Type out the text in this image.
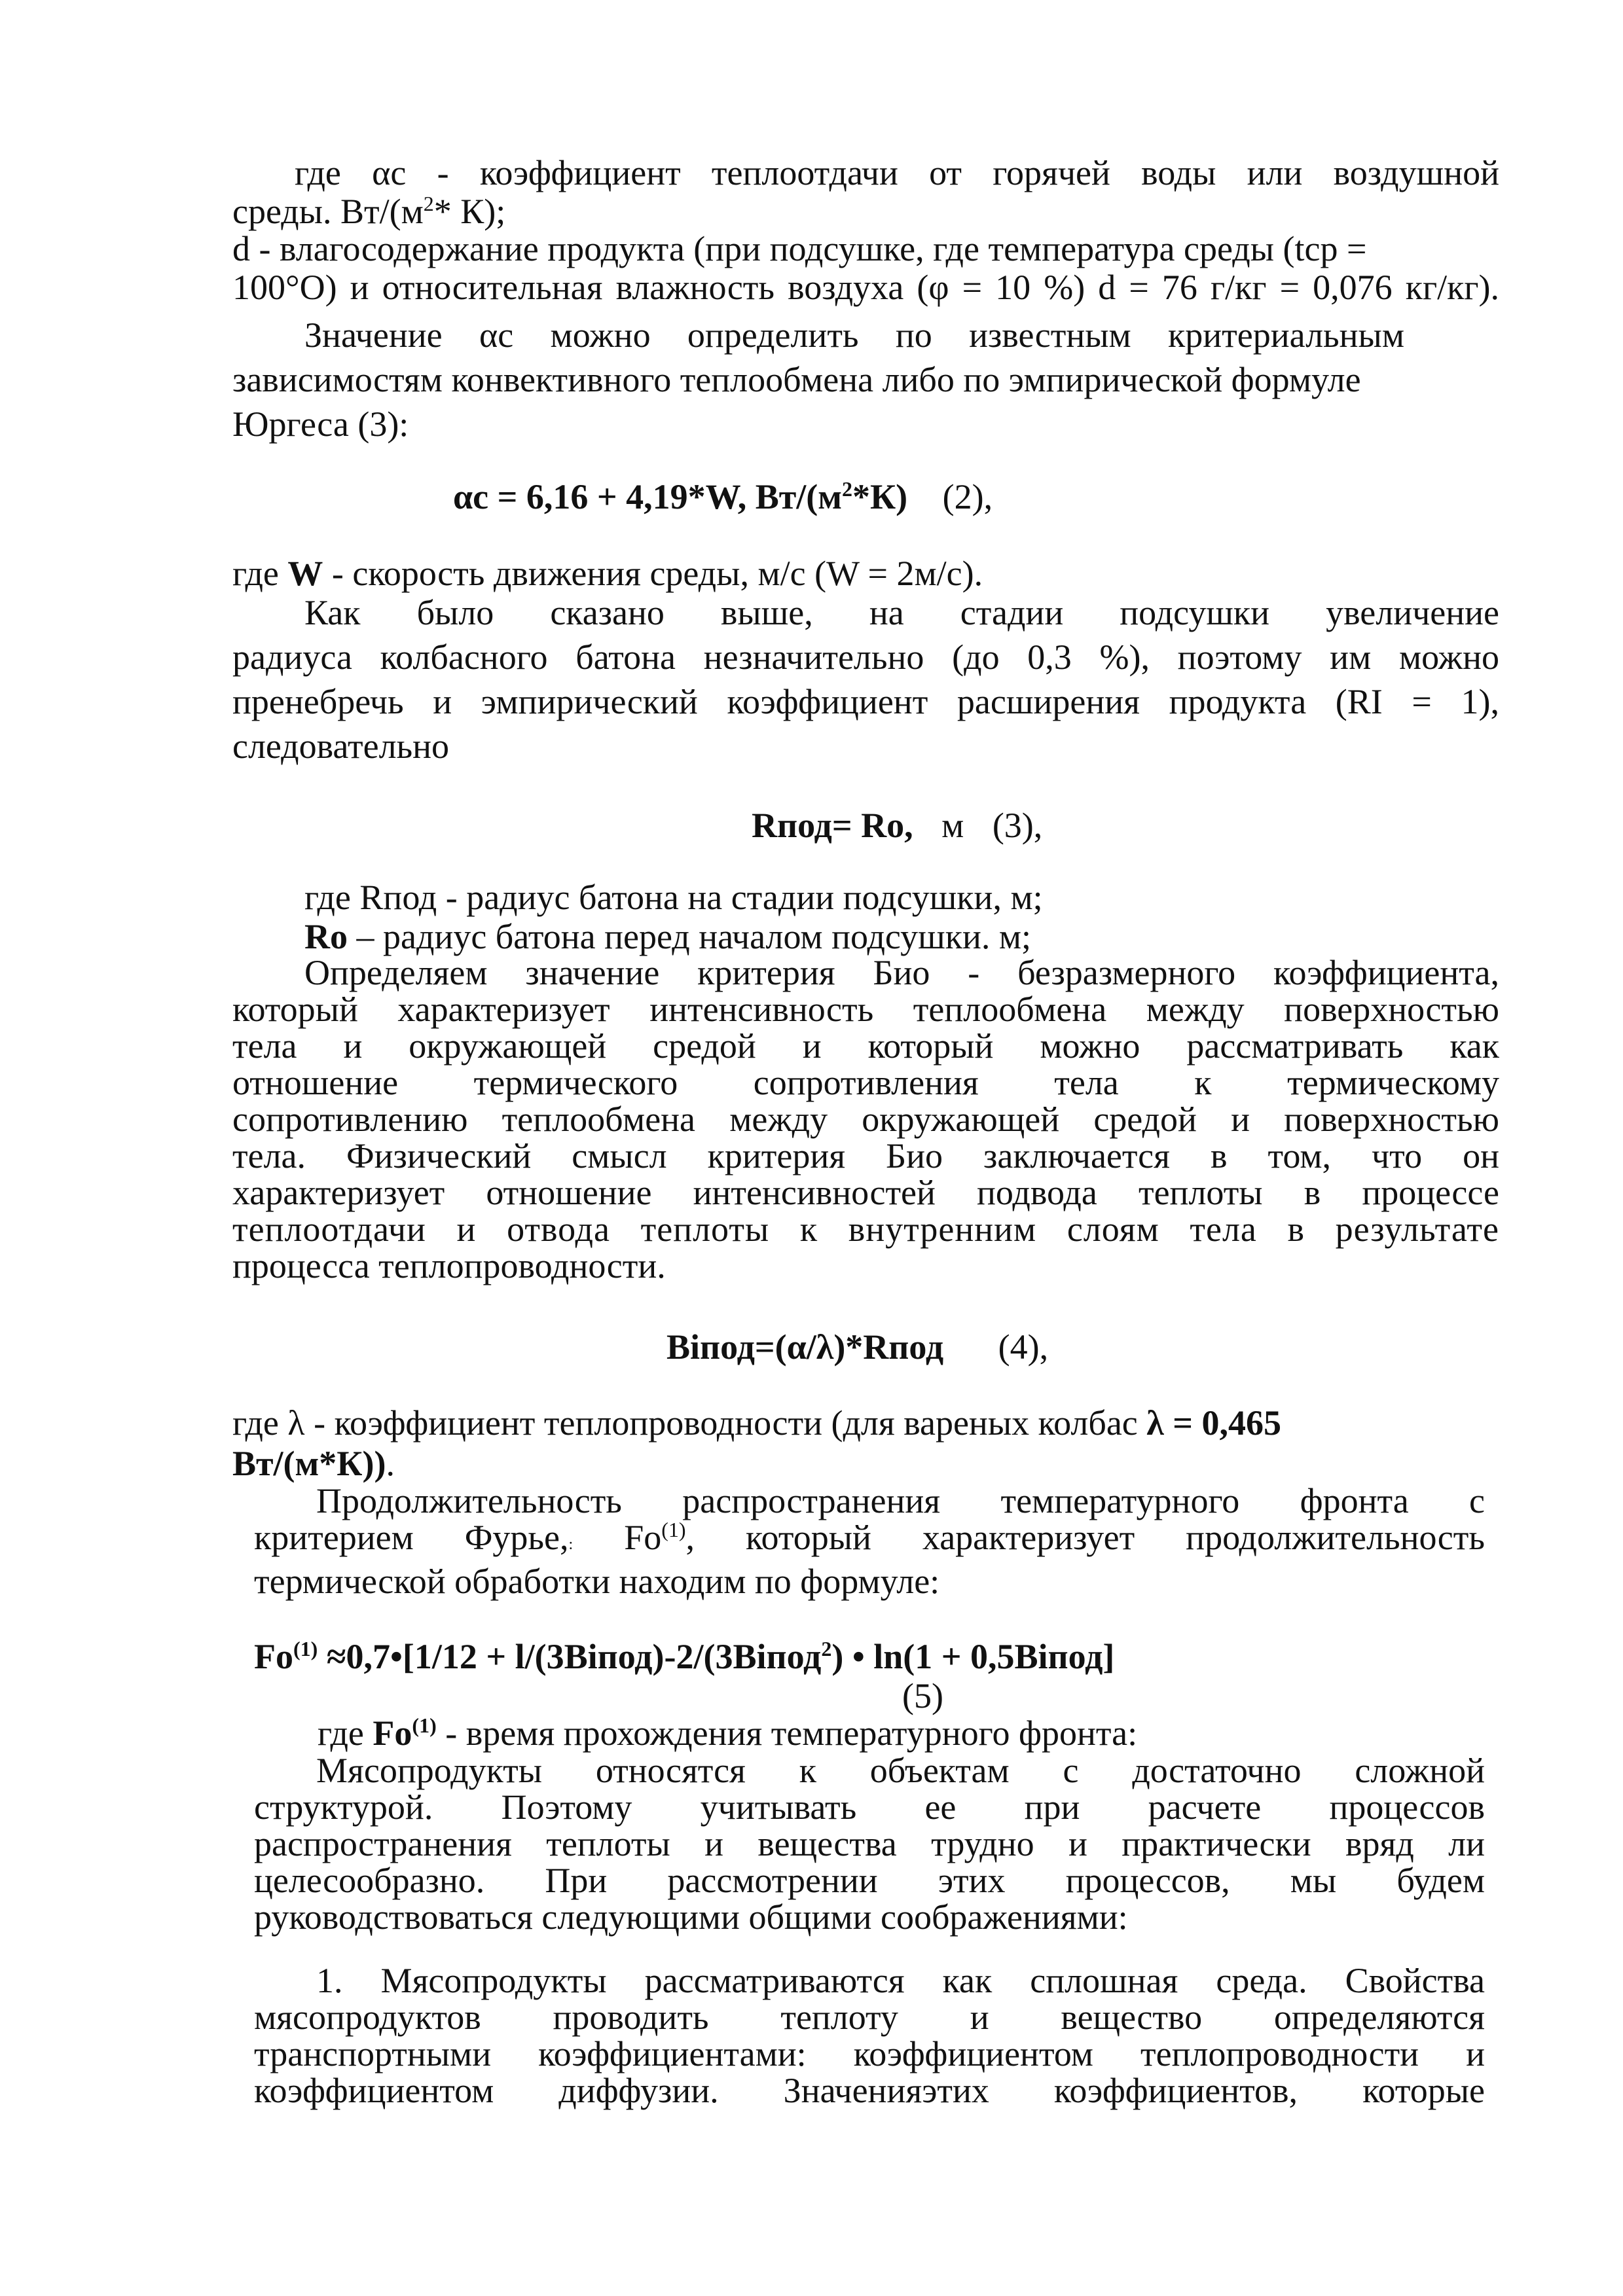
где αс - коэффициент теплоотдачи от горячей воды или воздушной
среды. $Вт/(м^2*$ К);
d - влагосодержание продукта (при подсушке, где температура среды (tср =
100°О) и относительная влажность воздуха (φ = 10 %) d = 76 г/кг = 0,076 кг/кг).
Значение αс можно определить по известным критериальным
зависимостям конвективного теплообмена либо по эмпирической формуле
Юргеса (3):
αс = 6,16 + 4,19*W, $Вт/(м^2*К)$ (2),
где W - скорость движения среды, м/с (W = 2м/с).
Как было сказано выше, на стадии подсушки увеличение
радиуса колбасного батона незначительно (до 0,3 %), поэтому им можно
пренебречь и эмпирический коэффициент расширения продукта (RI = 1),
следовательно
Rпод= Ro, м (3),
где Rпод - радиус батона на стадии подсушки, м;
Ro – радиус батона перед началом подсушки. м;
Определяем значение критерия Био - безразмерного коэффициента,
который характеризует интенсивность теплообмена между поверхностью
тела и окружающей средой и который можно рассматривать как
отношение термического сопротивления тела к термическому
сопротивлению теплообмена между окружающей средой и поверхностью
тела. Физический смысл критерия Био заключается в том, что он
характеризует отношение интенсивностей подвода теплоты в процессе
теплоотдачи и отвода теплоты к внутренним слоям тела в результате
процесса теплопроводности.
Biпод=(α/λ)*Rпод (4),
где λ - коэффициент теплопроводности (для вареных колбас λ = 0,465
Вт/(м*К)).
Продолжительность распространения температурного фронта с
критерием Фурье,: Fo$^{(1)}$, который характеризует продолжительность
термической обработки находим по формуле:
$Fo^{(1)}$ ≈0,7•[1/12 + l/(3Biпод)-2/(3Biпод$^2$) • ln(1 + 0,5Biпод]
(5)
где Fo$^{(1)}$ - время прохождения температурного фронта:
Мясопродукты относятся к объектам с достаточно сложной
структурой. Поэтому учитывать ее при расчете процессов
распространения теплоты и вещества трудно и практически вряд ли
целесообразно. При рассмотрении этих процессов, мы будем
руководствоваться следующими общими соображениями:
1. Мясопродукты рассматриваются как сплошная среда. Свойства
мясопродуктов проводить теплоту и вещество определяются
транспортными коэффициентами: коэффициентом теплопроводности и
коэффициентом диффузии. Значенияэтих коэффициентов, которые
